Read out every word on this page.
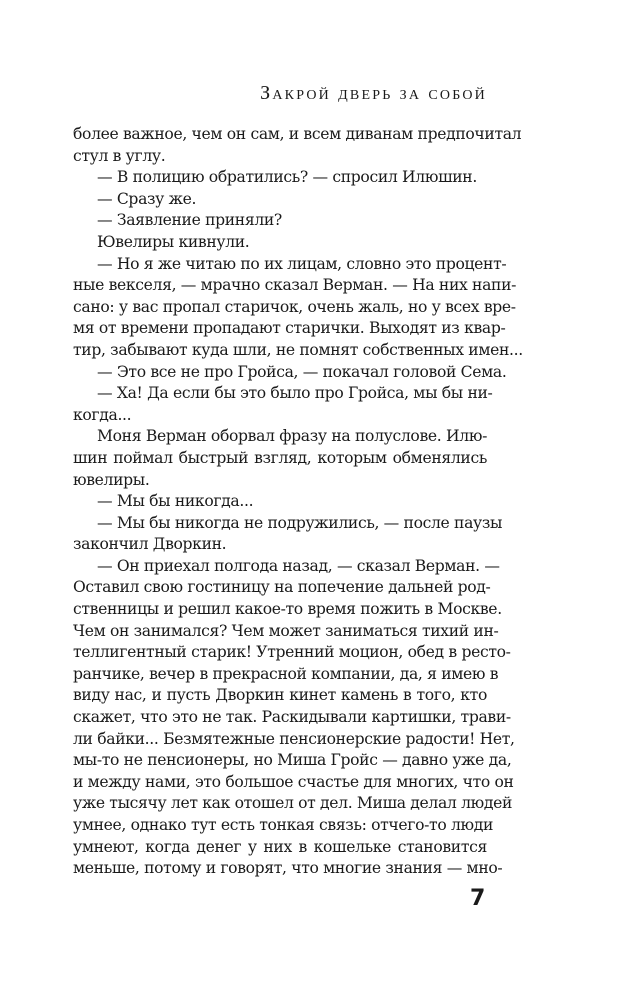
Закрой дверь за собой
более важное, чем он сам, и всем диванам предпочитал
стул в углу.
— В полицию обратились? — спросил Илюшин.
— Сразу же.
— Заявление приняли?
Ювелиры кивнули.
— Но я же читаю по их лицам, словно это процент-
ные векселя, — мрачно сказал Верман. — На них напи-
сано: у вас пропал старичок, очень жаль, но у всех вре-
мя от времени пропадают старички. Выходят из квар-
тир, забывают куда шли, не помнят собственных имен...
— Это все не про Гройса, — покачал головой Сема.
— Ха! Да если бы это было про Гройса, мы бы ни-
когда...
Моня Верман оборвал фразу на полуслове. Илю-
шин поймал быстрый взгляд, которым обменялись
ювелиры.
— Мы бы никогда...
— Мы бы никогда не подружились, — после паузы
закончил Дворкин.
— Он приехал полгода назад, — сказал Верман. —
Оставил свою гостиницу на попечение дальней род-
ственницы и решил какое-то время пожить в Москве.
Чем он занимался? Чем может заниматься тихий ин-
теллигентный старик! Утренний моцион, обед в ресто-
ранчике, вечер в прекрасной компании, да, я имею в
виду нас, и пусть Дворкин кинет камень в того, кто
скажет, что это не так. Раскидывали картишки, трави-
ли байки... Безмятежные пенсионерские радости! Нет,
мы-то не пенсионеры, но Миша Гройс — давно уже да,
и между нами, это большое счастье для многих, что он
уже тысячу лет как отошел от дел. Миша делал людей
умнее, однако тут есть тонкая связь: отчего-то люди
умнеют, когда денег у них в кошельке становится
меньше, потому и говорят, что многие знания — мно-
7
